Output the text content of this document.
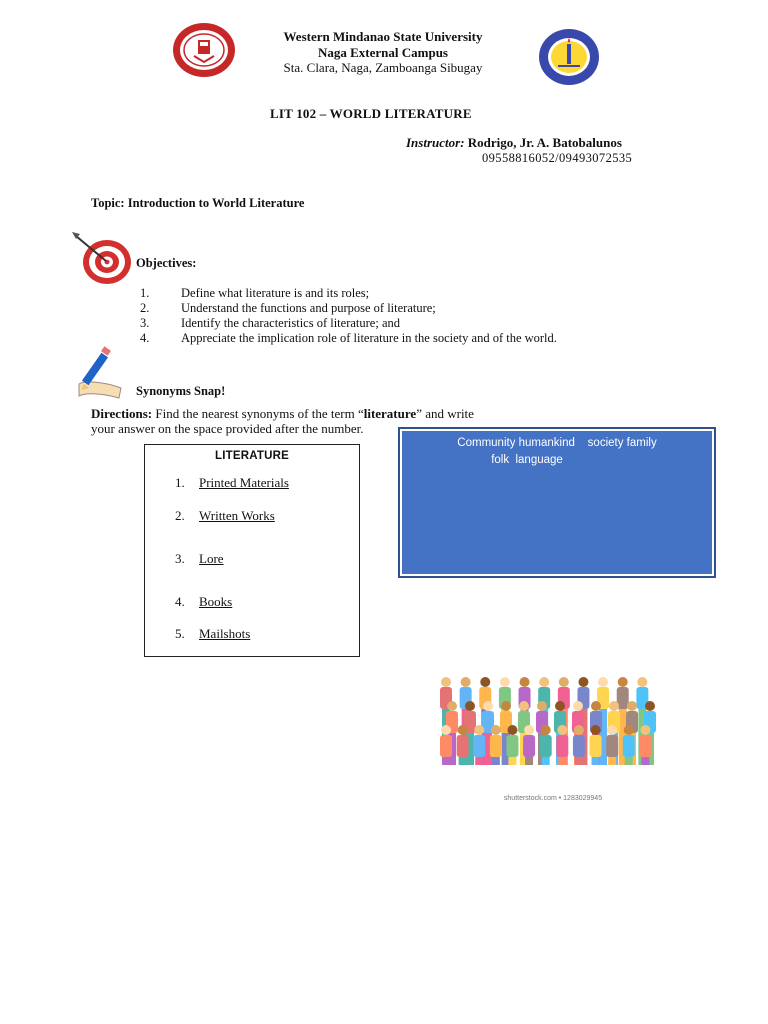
Western Mindanao State University
Naga External Campus
Sta. Clara, Naga, Zamboanga Sibugay
LIT 102 – WORLD LITERATURE
Instructor: Rodrigo, Jr. A. Batobalunos
09558816052/09493072535
Topic: Introduction to World Literature
Objectives:
1.	Define what literature is and its roles;
2.	Understand the functions and purpose of literature;
3.	Identify the characteristics of literature; and
4.	Appreciate the implication role of literature in the society and of the world.
Synonyms Snap!
Directions: Find the nearest synonyms of the term “literature” and write
your answer on the space provided after the number.
LITERATURE
1.	Printed Materials
2.	Written Works
3.	Lore
4.	Books
5.	Mailshots
Community humankind    society family
folk  language
shutterstock.com • 1283029945
